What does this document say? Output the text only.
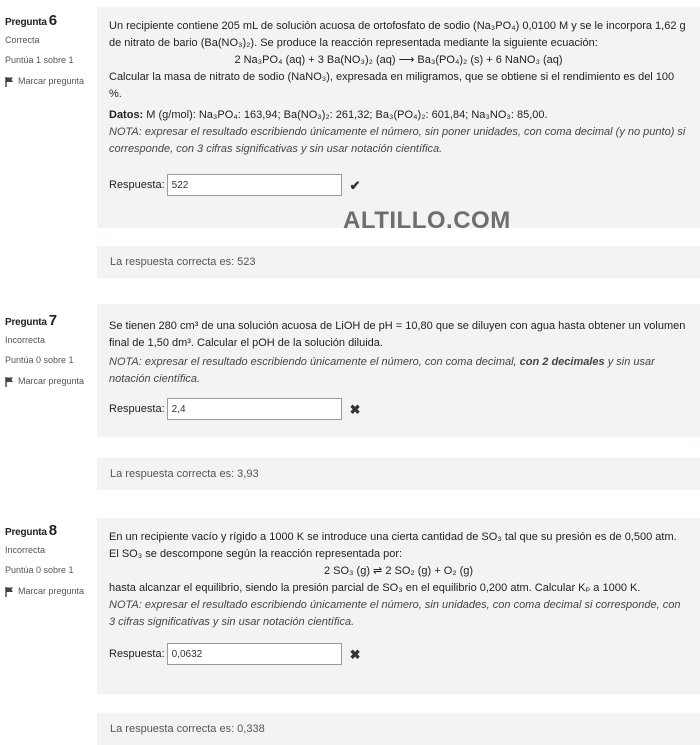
Pregunta 6
Correcta
Puntúa 1 sobre 1
Marcar pregunta
Un recipiente contiene 205 mL de solución acuosa de ortofosfato de sodio (Na₃PO₄) 0,0100 M y se le incorpora 1,62 g de nitrato de bario (Ba(NO₃)₂). Se produce la reacción representada mediante la siguiente ecuación:
2 Na₃PO₄ (aq) + 3 Ba(NO₃)₂ (aq) ⟶ Ba₃(PO₄)₂ (s) + 6 NaNO₃ (aq)
Calcular la masa de nitrato de sodio (NaNO₃), expresada en miligramos, que se obtiene si el rendimiento es del 100 %.
Datos: M (g/mol): Na₃PO₄: 163,94; Ba(NO₃)₂: 261,32; Ba₃(PO₄)₂: 601,84; Na₃NO₃: 85,00.
NOTA: expresar el resultado escribiendo únicamente el número, sin poner unidades, con coma decimal (y no punto) si corresponde, con 3 cifras significativas y sin usar notación científica.
Respuesta:
522	✔
La respuesta correcta es: 523
ALTILLO.COM
Pregunta 7
Incorrecta
Puntúa 0 sobre 1
Marcar pregunta
Se tienen 280 cm³ de una solución acuosa de LiOH de pH = 10,80 que se diluyen con agua hasta obtener un volumen final de 1,50 dm³. Calcular el pOH de la solución diluida.
NOTA: expresar el resultado escribiendo únicamente el número, con coma decimal, con 2 decimales y sin usar notación científica.
Respuesta:
2,4	✖
La respuesta correcta es: 3,93
Pregunta 8
Incorrecta
Puntúa 0 sobre 1
Marcar pregunta
En un recipiente vacío y rígido a 1000 K se introduce una cierta cantidad de SO₃ tal que su presión es de 0,500 atm. El SO₃ se descompone según la reacción representada por:
2 SO₃ (g) ⇌ 2 SO₂ (g) + O₂ (g)
hasta alcanzar el equilibrio, siendo la presión parcial de SO₃ en el equilibrio 0,200 atm. Calcular Kₚ a 1000 K.
NOTA: expresar el resultado escribiendo únicamente el número, sin unidades, con coma decimal si corresponde, con 3 cifras significativas y sin usar notación científica.
Respuesta:
0,0632	✖
La respuesta correcta es: 0,338
